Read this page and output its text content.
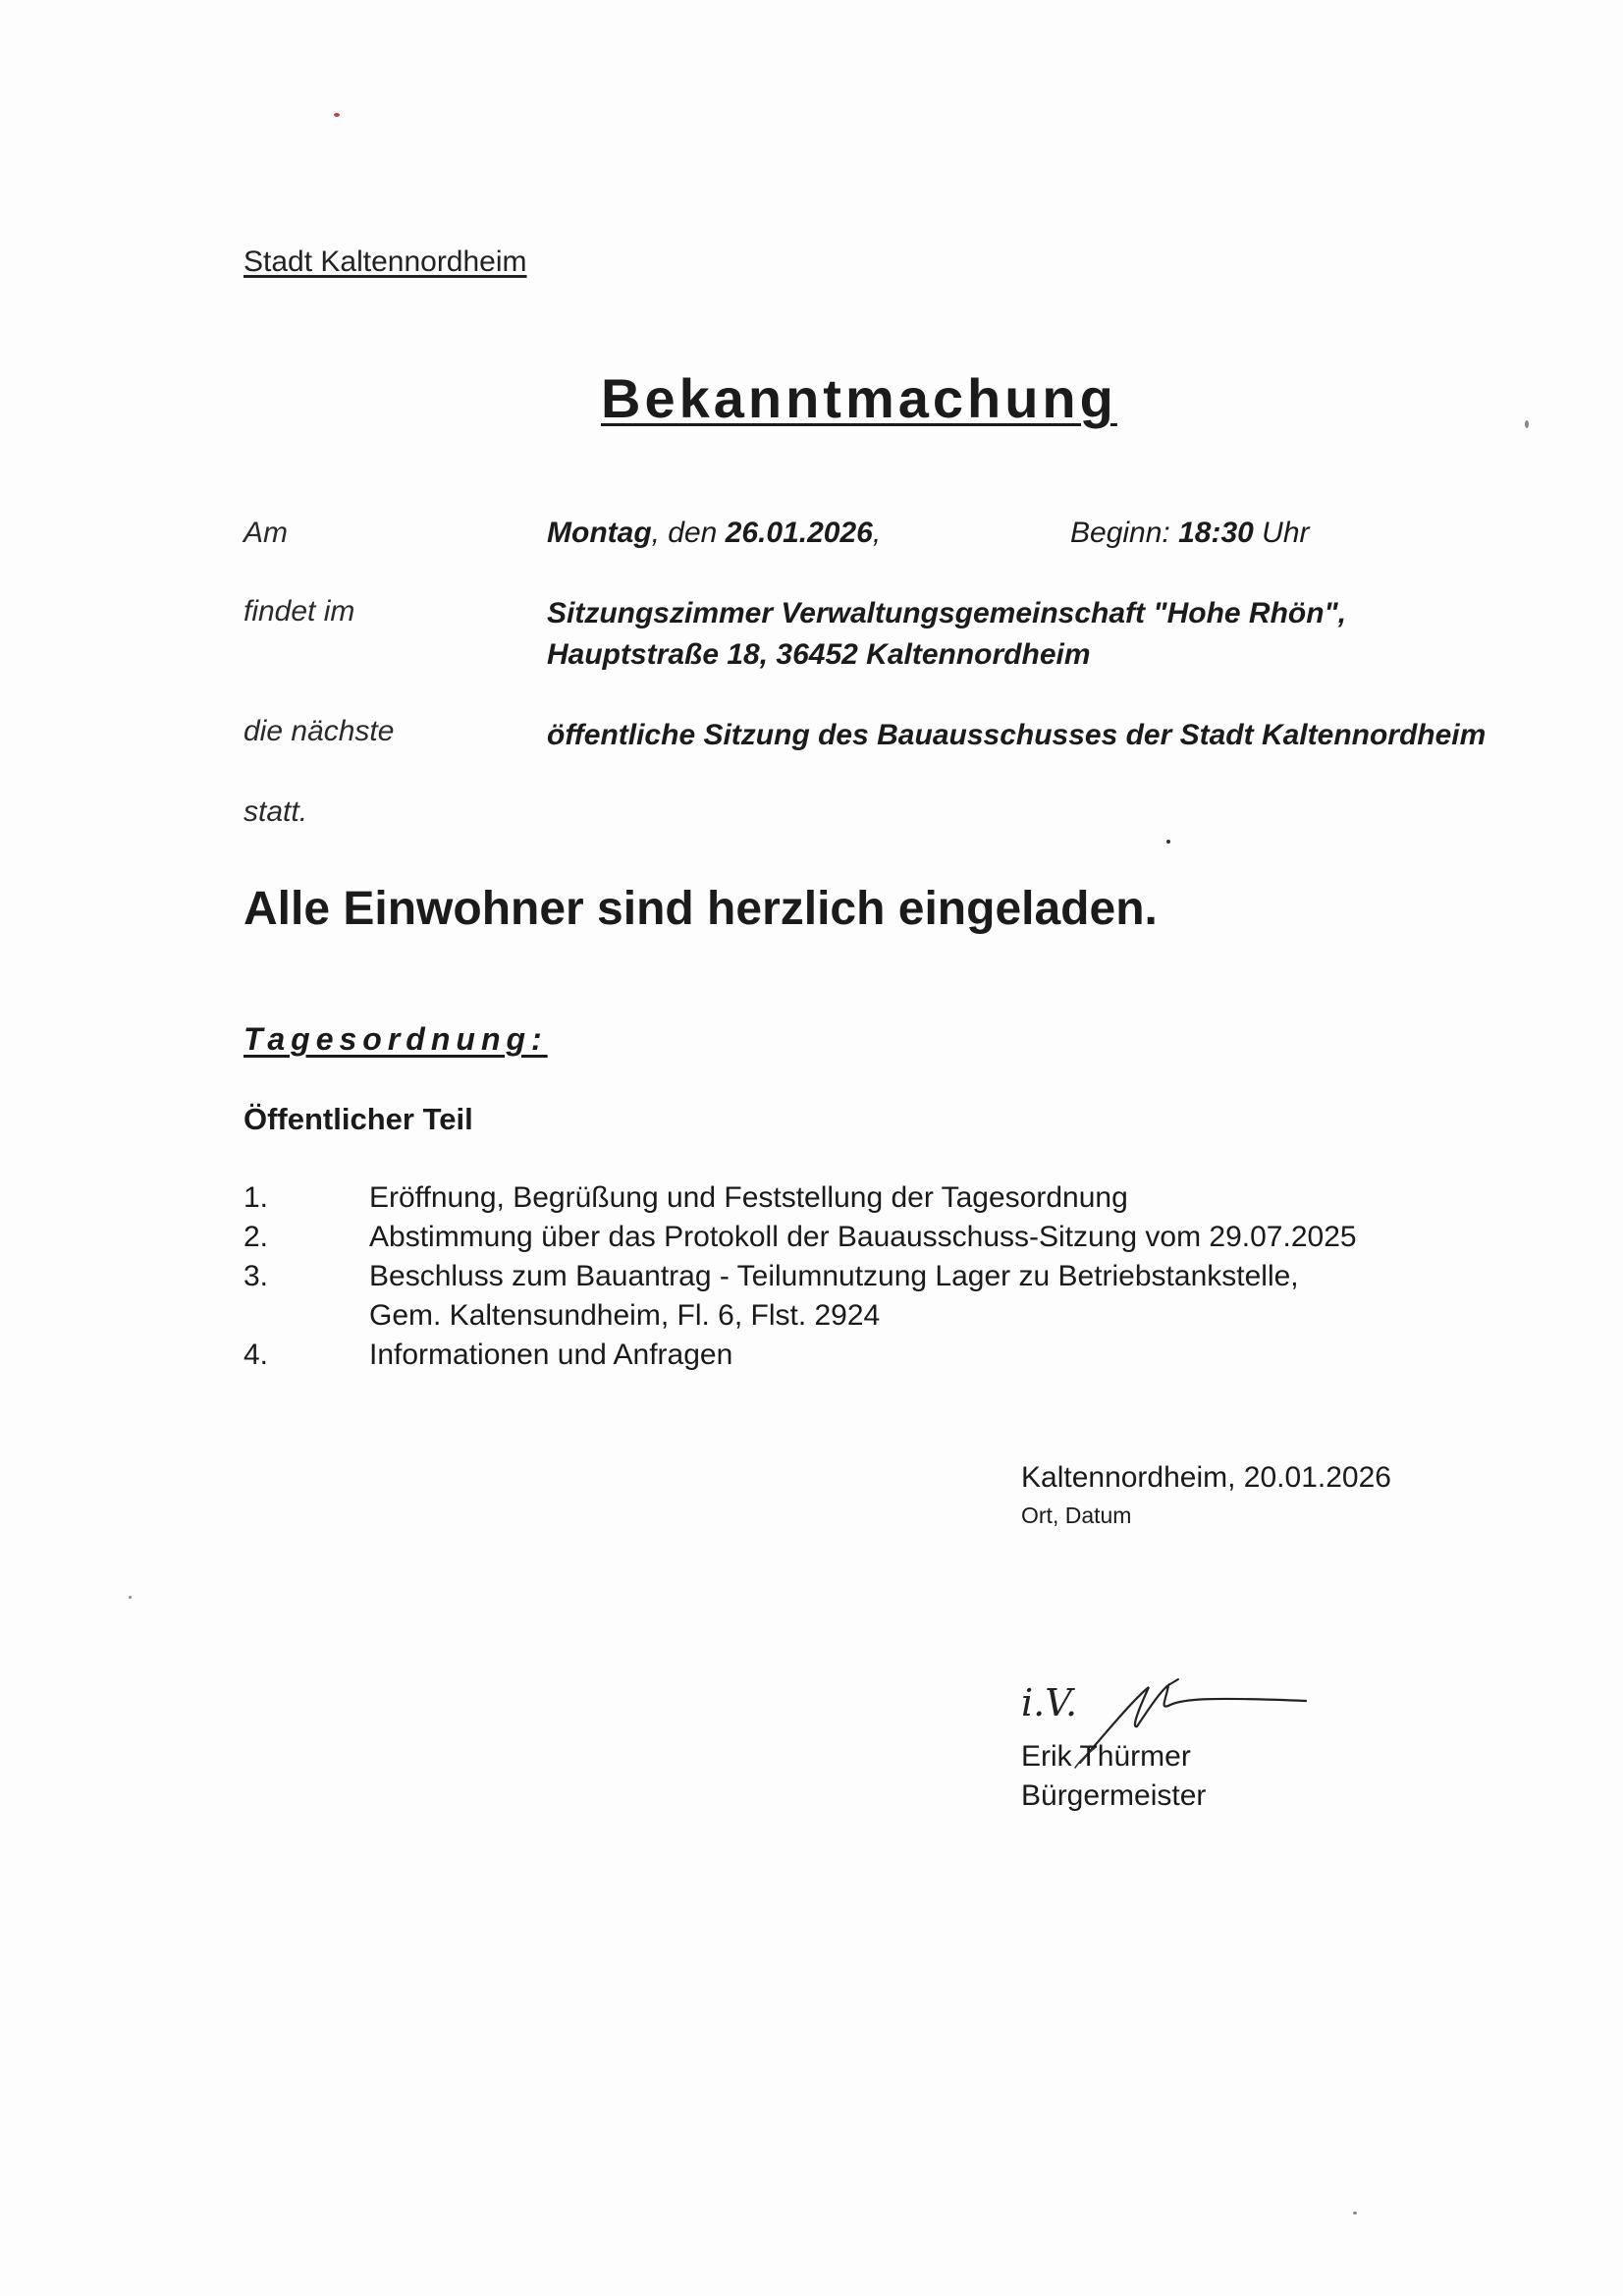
Stadt Kaltennordheim
Bekanntmachung
Am	Montag, den 26.01.2026,	Beginn: 18:30 Uhr
findet im	Sitzungszimmer Verwaltungsgemeinschaft "Hohe Rhön",
Hauptstraße 18, 36452 Kaltennordheim
die nächste	öffentliche Sitzung des Bauausschusses der Stadt Kaltennordheim
statt.
Alle Einwohner sind herzlich eingeladen.
Tagesordnung:
Öffentlicher Teil
1.	Eröffnung, Begrüßung und Feststellung der Tagesordnung
2.	Abstimmung über das Protokoll der Bauausschuss-Sitzung vom 29.07.2025
3.	Beschluss zum Bauantrag - Teilumnutzung Lager zu Betriebstankstelle,
Gem. Kaltensundheim, Fl. 6, Flst. 2924
4.	Informationen und Anfragen
Kaltennordheim, 20.01.2026
Ort, Datum
i.V.
Erik Thürmer
Bürgermeister
